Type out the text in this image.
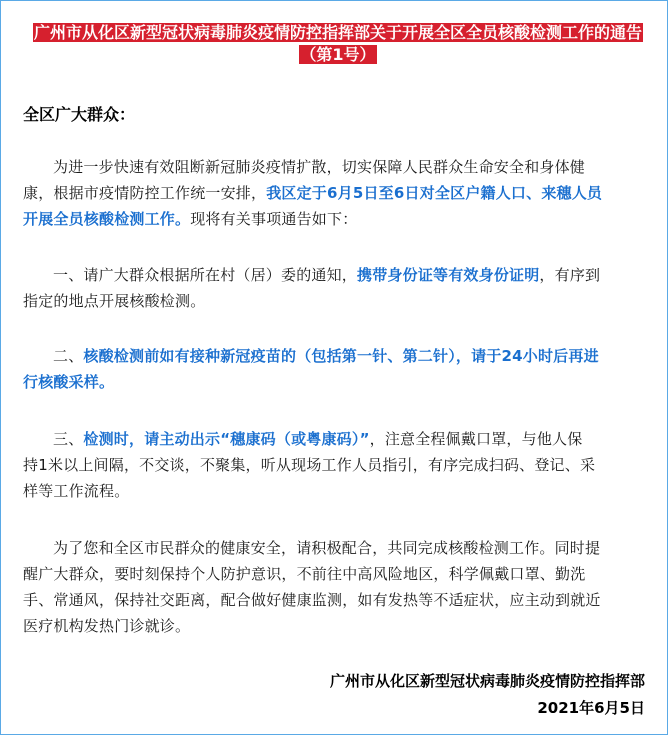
广州市从化区新型冠状病毒肺炎疫情防控指挥部关于开展全区全员核酸检测工作的通告
（第1号）
全区广大群众：
为进一步快速有效阻断新冠肺炎疫情扩散，切实保障人民群众生命安全和身体健
康，根据市疫情防控工作统一安排，我区定于6月5日至6日对全区户籍人口、来穗人员
开展全员核酸检测工作。现将有关事项通告如下：
一、请广大群众根据所在村（居）委的通知，携带身份证等有效身份证明，有序到
指定的地点开展核酸检测。
二、核酸检测前如有接种新冠疫苗的（包括第一针、第二针），请于24小时后再进
行核酸采样。
三、检测时，请主动出示“穗康码（或粤康码）”，注意全程佩戴口罩，与他人保
持1米以上间隔，不交谈，不聚集，听从现场工作人员指引，有序完成扫码、登记、采
样等工作流程。
为了您和全区市民群众的健康安全，请积极配合，共同完成核酸检测工作。同时提
醒广大群众，要时刻保持个人防护意识，不前往中高风险地区，科学佩戴口罩、勤洗
手、常通风，保持社交距离，配合做好健康监测，如有发热等不适症状，应主动到就近
医疗机构发热门诊就诊。
广州市从化区新型冠状病毒肺炎疫情防控指挥部
2021年6月5日
